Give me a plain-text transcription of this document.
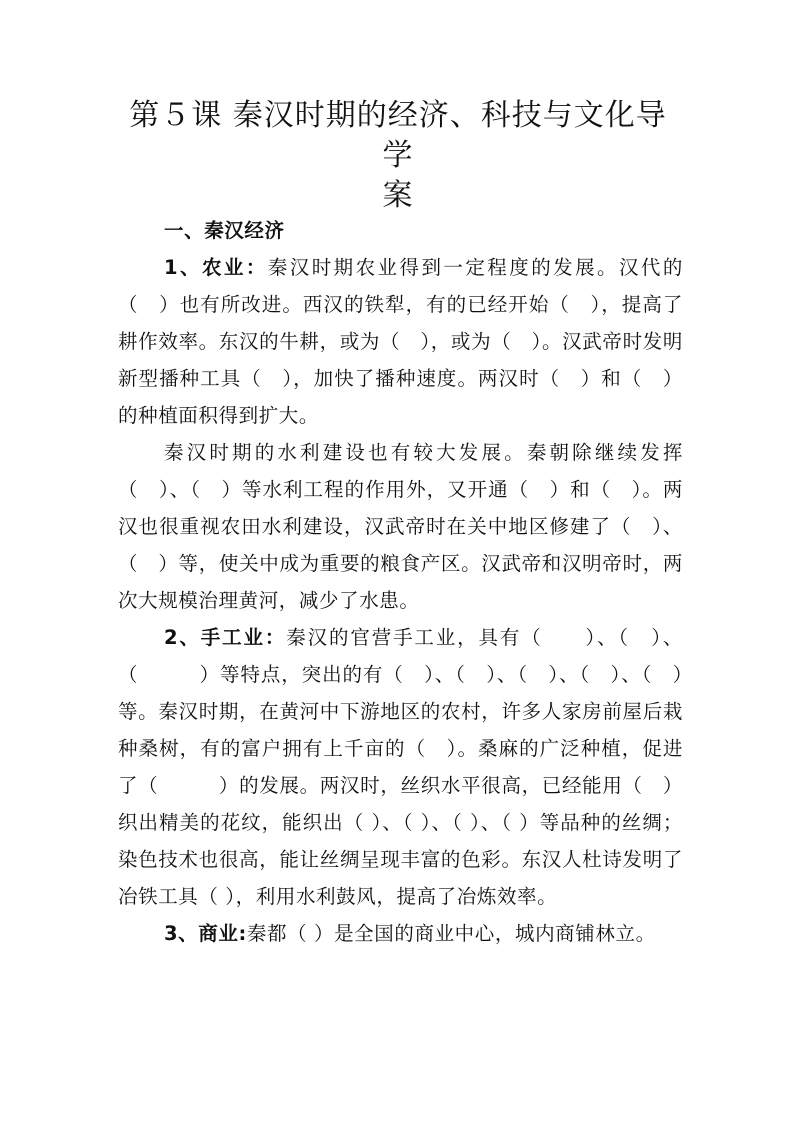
第５课 秦汉时期的经济、科技与文化导学
案

一、秦汉经济

1、农业：秦汉时期农业得到一定程度的发展。汉代的（　）也有所改进。西汉的铁犁，有的已经开始（　），提高了耕作效率。东汉的牛耕，或为（　），或为（　）。汉武帝时发明新型播种工具（　），加快了播种速度。两汉时（　）和（　）的种植面积得到扩大。

秦汉时期的水利建设也有较大发展。秦朝除继续发挥（　）、（　）等水利工程的作用外，又开通（　）和（　）。两汉也很重视农田水利建设，汉武帝时在关中地区修建了（　）、（　）等，使关中成为重要的粮食产区。汉武帝和汉明帝时，两次大规模治理黄河，减少了水患。

2、手工业：秦汉的官营手工业，具有（　　）、（　）、（　　　）等特点，突出的有（　）、（　）、（　）、（　）、（　）等。秦汉时期，在黄河中下游地区的农村，许多人家房前屋后栽种桑树，有的富户拥有上千亩的（　）。桑麻的广泛种植，促进了（　　　）的发展。两汉时，丝织水平很高，已经能用（　）织出精美的花纹，能织出（ ）、（ ）、（ ）、（ ）等品种的丝绸；染色技术也很高，能让丝绸呈现丰富的色彩。东汉人杜诗发明了冶铁工具（ ），利用水利鼓风，提高了冶炼效率。

3、商业:秦都（ ）是全国的商业中心，城内商铺林立。
